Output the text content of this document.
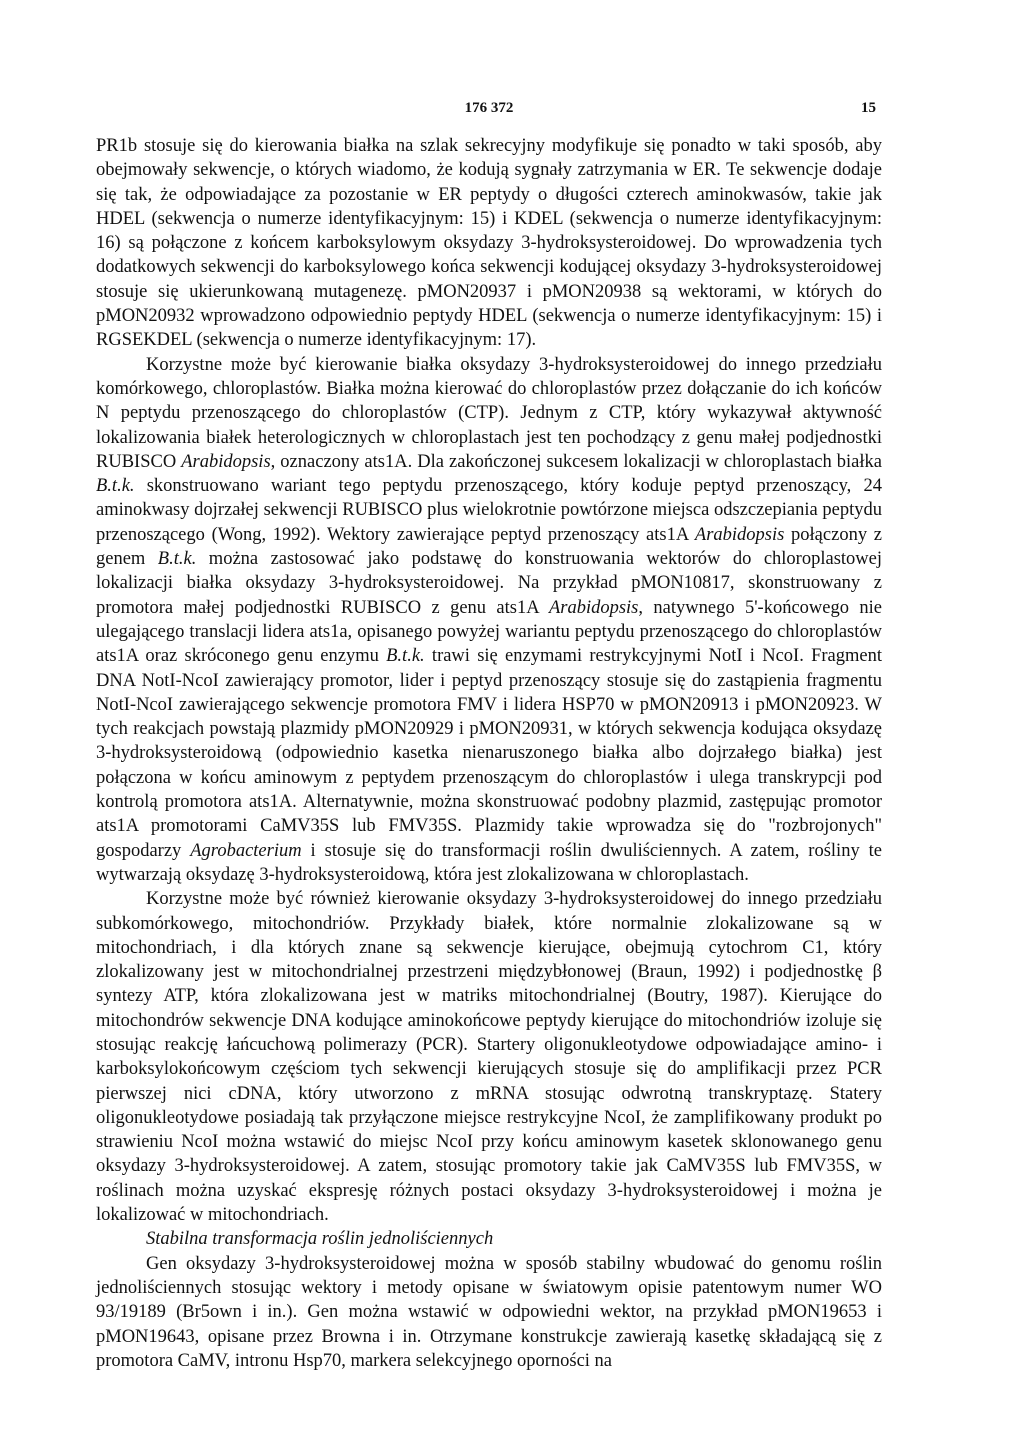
176 372	15

PR1b stosuje się do kierowania białka na szlak sekrecyjny modyfikuje się ponadto w taki sposób, aby obejmowały sekwencje, o których wiadomo, że kodują sygnały zatrzymania w ER. Te sekwencje dodaje się tak, że odpowiadające za pozostanie w ER peptydy o długości czterech aminokwasów, takie jak HDEL (sekwencja o numerze identyfikacyjnym: 15) i KDEL (sekwencja o numerze identyfikacyjnym: 16) są połączone z końcem karboksylowym oksydazy 3-hydroksysteroidowej. Do wprowadzenia tych dodatkowych sekwencji do karboksylowego końca sekwencji kodującej oksydazy 3-hydroksysteroidowej stosuje się ukierunkowaną mutagenezę. pMON20937 i pMON20938 są wektorami, w których do pMON20932 wprowadzono odpowiednio peptydy HDEL (sekwencja o numerze identyfikacyjnym: 15) i RGSEKDEL (sekwencja o numerze identyfikacyjnym: 17).

Korzystne może być kierowanie białka oksydazy 3-hydroksysteroidowej do innego przedziału komórkowego, chloroplastów. Białka można kierować do chloroplastów przez dołączanie do ich końców N peptydu przenoszącego do chloroplastów (CTP). Jednym z CTP, który wykazywał aktywność lokalizowania białek heterologicznych w chloroplastach jest ten pochodzący z genu małej podjednostki RUBISCO Arabidopsis, oznaczony ats1A. Dla zakończonej sukcesem lokalizacji w chloroplastach białka B.t.k. skonstruowano wariant tego peptydu przenoszącego, który koduje peptyd przenoszący, 24 aminokwasy dojrzałej sekwencji RUBISCO plus wielokrotnie powtórzone miejsca odszczepiania peptydu przenoszącego (Wong, 1992). Wektory zawierające peptyd przenoszący ats1A Arabidopsis połączony z genem B.t.k. można zastosować jako podstawę do konstruowania wektorów do chloroplastowej lokalizacji białka oksydazy 3-hydroksysteroidowej. Na przykład pMON10817, skonstruowany z promotora małej podjednostki RUBISCO z genu ats1A Arabidopsis, natywnego 5'-końcowego nie ulegającego translacji lidera ats1a, opisanego powyżej wariantu peptydu przenoszącego do chloroplastów ats1A oraz skróconego genu enzymu B.t.k. trawi się enzymami restrykcyjnymi NotI i NcoI. Fragment DNA NotI-NcoI zawierający promotor, lider i peptyd przenoszący stosuje się do zastąpienia fragmentu NotI-NcoI zawierającego sekwencje promotora FMV i lidera HSP70 w pMON20913 i pMON20923. W tych reakcjach powstają plazmidy pMON20929 i pMON20931, w których sekwencja kodująca oksydazę 3-hydroksysteroidową (odpowiednio kasetka nienaruszonego białka albo dojrzałego białka) jest połączona w końcu aminowym z peptydem przenoszącym do chloroplastów i ulega transkrypcji pod kontrolą promotora ats1A. Alternatywnie, można skonstruować podobny plazmid, zastępując promotor ats1A promotorami CaMV35S lub FMV35S. Plazmidy takie wprowadza się do "rozbrojonych" gospodarzy Agrobacterium i stosuje się do transformacji roślin dwuliściennych. A zatem, rośliny te wytwarzają oksydazę 3-hydroksysteroidową, która jest zlokalizowana w chloroplastach.

Korzystne może być również kierowanie oksydazy 3-hydroksysteroidowej do innego przedziału subkomórkowego, mitochondriów. Przykłady białek, które normalnie zlokalizowane są w mitochondriach, i dla których znane są sekwencje kierujące, obejmują cytochrom C1, który zlokalizowany jest w mitochondrialnej przestrzeni międzybłonowej (Braun, 1992) i podjednostkę β syntezy ATP, która zlokalizowana jest w matriks mitochondrialnej (Boutry, 1987). Kierujące do mitochondrów sekwencje DNA kodujące aminokońcowe peptydy kierujące do mitochondriów izoluje się stosując reakcję łańcuchową polimerazy (PCR). Startery oligonukleotydowe odpowiadające amino- i karboksylokońcowym częściom tych sekwencji kierujących stosuje się do amplifikacji przez PCR pierwszej nici cDNA, który utworzono z mRNA stosując odwrotną transkryptazę. Statery oligonukleotydowe posiadają tak przyłączone miejsce restrykcyjne NcoI, że zamplifikowany produkt po strawieniu NcoI można wstawić do miejsc NcoI przy końcu aminowym kasetek sklonowanego genu oksydazy 3-hydroksysteroidowej. A zatem, stosując promotory takie jak CaMV35S lub FMV35S, w roślinach można uzyskać ekspresję różnych postaci oksydazy 3-hydroksysteroidowej i można je lokalizować w mitochondriach.

Stabilna transformacja roślin jednoliściennych

Gen oksydazy 3-hydroksysteroidowej można w sposób stabilny wbudować do genomu roślin jednoliściennych stosując wektory i metody opisane w światowym opisie patentowym numer WO 93/19189 (Br5own i in.). Gen można wstawić w odpowiedni wektor, na przykład pMON19653 i pMON19643, opisane przez Browna i in. Otrzymane konstrukcje zawierają kasetkę składającą się z promotora CaMV, intronu Hsp70, markera selekcyjnego oporności na
